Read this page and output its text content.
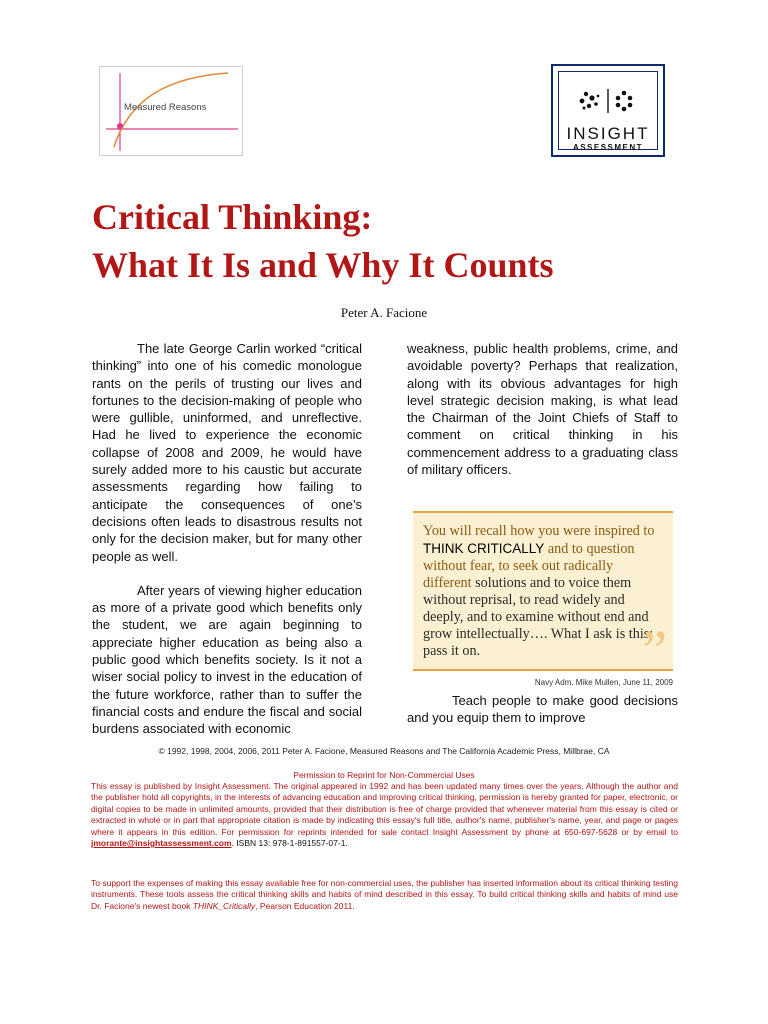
Measured Reasons
INSIGHT
ASSESSMENT
Critical Thinking:
What It Is and Why It Counts
Peter A. Facione

The late George Carlin worked “critical thinking” into one of his comedic monologue rants on the perils of trusting our lives and fortunes to the decision-making of people who were gullible, uninformed, and unreflective. Had he lived to experience the economic collapse of 2008 and 2009, he would have surely added more to his caustic but accurate assessments regarding how failing to anticipate the consequences of one’s decisions often leads to disastrous results not only for the decision maker, but for many other people as well.

After years of viewing higher education as more of a private good which benefits only the student, we are again beginning to appreciate higher education as being also a public good which benefits society. Is it not a wiser social policy to invest in the education of the future workforce, rather than to suffer the financial costs and endure the fiscal and social burdens associated with economic

weakness, public health problems, crime, and avoidable poverty? Perhaps that realization, along with its obvious advantages for high level strategic decision making, is what lead the Chairman of the Joint Chiefs of Staff to comment on critical thinking in his commencement address to a graduating class of military officers.

You will recall how you were inspired to THINK CRITICALLY and to question without fear, to seek out radically different solutions and to voice them without reprisal, to read widely and deeply, and to examine without end and grow intellectually…. What I ask is this: pass it on.	”
Navy Adm. Mike Mullen, June 11, 2009

Teach people to make good decisions and you equip them to improve

© 1992, 1998, 2004, 2006, 2011 Peter A. Facione, Measured Reasons and The California Academic Press, Millbrae, CA
Permission to Reprint for Non-Commercial Uses
This essay is published by Insight Assessment. The original appeared in 1992 and has been updated many times over the years. Although the author and the publisher hold all copyrights, in the interests of advancing education and improving critical thinking, permission is hereby granted for paper, electronic, or digital copies to be made in unlimited amounts, provided that their distribution is free of charge provided that whenever material from this essay is cited or extracted in whole or in part that appropriate citation is made by indicating this essay's full title, author's name, publisher's name, year, and page or pages where it appears in this edition. For permission for reprints intended for sale contact Insight Assessment by phone at 650-697-5628 or by email to jmorante@insightassessment.com. ISBN 13: 978-1-891557-07-1.
To support the expenses of making this essay available free for non-commercial uses, the publisher has inserted information about its critical thinking testing instruments. These tools assess the critical thinking skills and habits of mind described in this essay. To build critical thinking skills and habits of mind use Dr. Facione's newest book THINK_Critically, Pearson Education 2011.
